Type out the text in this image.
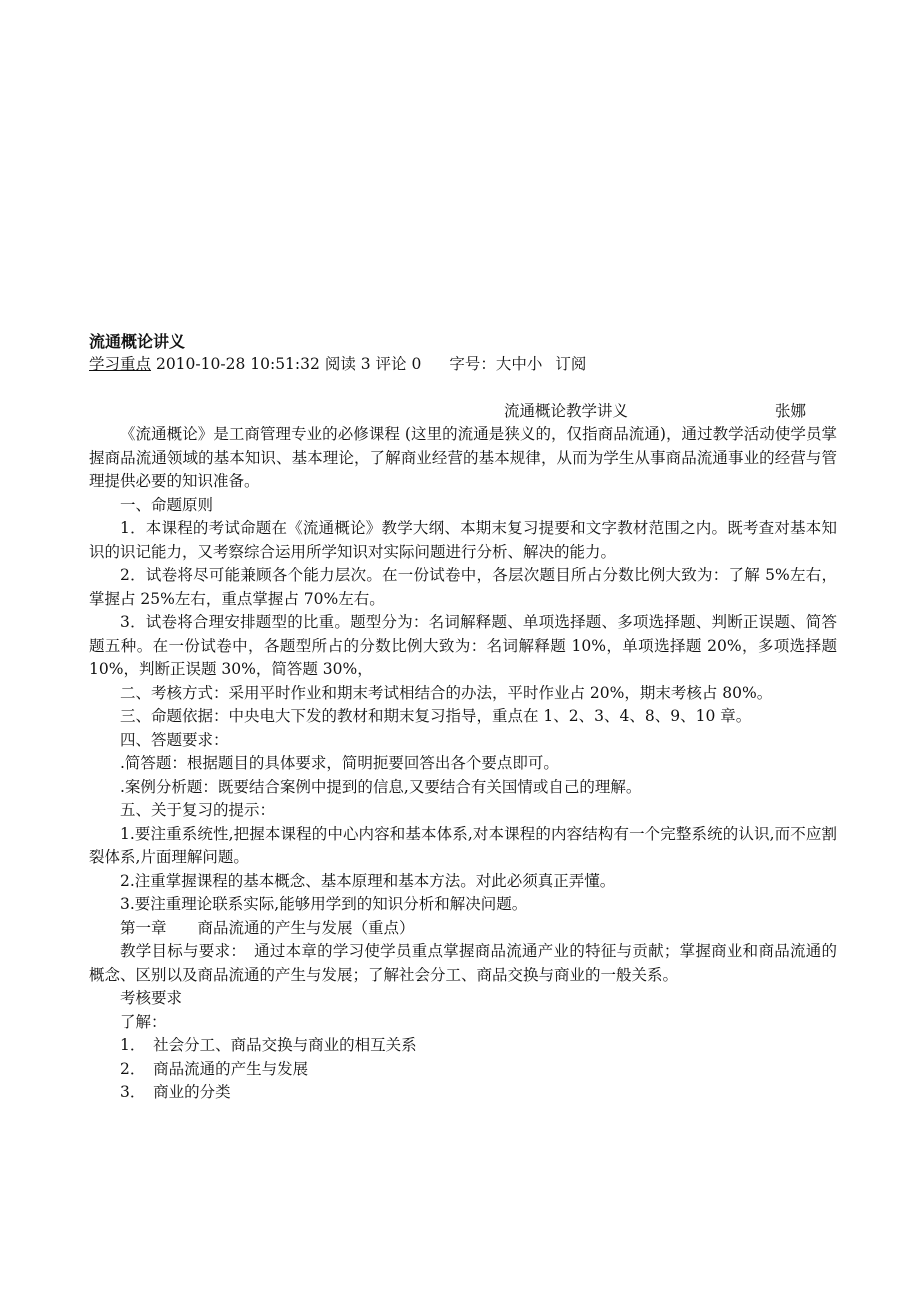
流通概论讲义

学习重点 2010-10-28 10:51:32 阅读 3 评论 0 字号：大中小 订阅

流通概论教学讲义	张娜

《流通概论》是工商管理专业的必修课程 (这里的流通是狭义的，仅指商品流通)，通过教学活动使学员掌握商品流通领域的基本知识、基本理论，了解商业经营的基本规律，从而为学生从事商品流通事业的经营与管理提供必要的知识准备。

一、命题原则

1．本课程的考试命题在《流通概论》教学大纲、本期末复习提要和文字教材范围之内。既考查对基本知识的识记能力，又考察综合运用所学知识对实际问题进行分析、解决的能力。

2．试卷将尽可能兼顾各个能力层次。在一份试卷中，各层次题目所占分数比例大致为：了解 5%左右，掌握占 25%左右，重点掌握占 70%左右。

3．试卷将合理安排题型的比重。题型分为：名词解释题、单项选择题、多项选择题、判断正误题、简答题五种。在一份试卷中，各题型所占的分数比例大致为：名词解释题 10%，单项选择题 20%，多项选择题 10%，判断正误题 30%，简答题 30%，

二、考核方式：采用平时作业和期末考试相结合的办法，平时作业占 20%，期末考核占 80%。

三、命题依据：中央电大下发的教材和期末复习指导，重点在 1、2、3、4、8、9、10 章。

四、答题要求：

.简答题：根据题目的具体要求，简明扼要回答出各个要点即可。

.案例分析题：既要结合案例中提到的信息,又要结合有关国情或自己的理解。

五、关于复习的提示：

1.要注重系统性,把握本课程的中心内容和基本体系,对本课程的内容结构有一个完整系统的认识,而不应割裂体系,片面理解问题。

2.注重掌握课程的基本概念、基本原理和基本方法。对此必须真正弄懂。

3.要注重理论联系实际,能够用学到的知识分析和解决问题。

第一章　　商品流通的产生与发展（重点）

教学目标与要求：　通过本章的学习使学员重点掌握商品流通产业的特征与贡献；掌握商业和商品流通的概念、区别以及商品流通的产生与发展；了解社会分工、商品交换与商业的一般关系。

考核要求

了解：

1．　社会分工、商品交换与商业的相互关系

2．　商品流通的产生与发展

3．　商业的分类
